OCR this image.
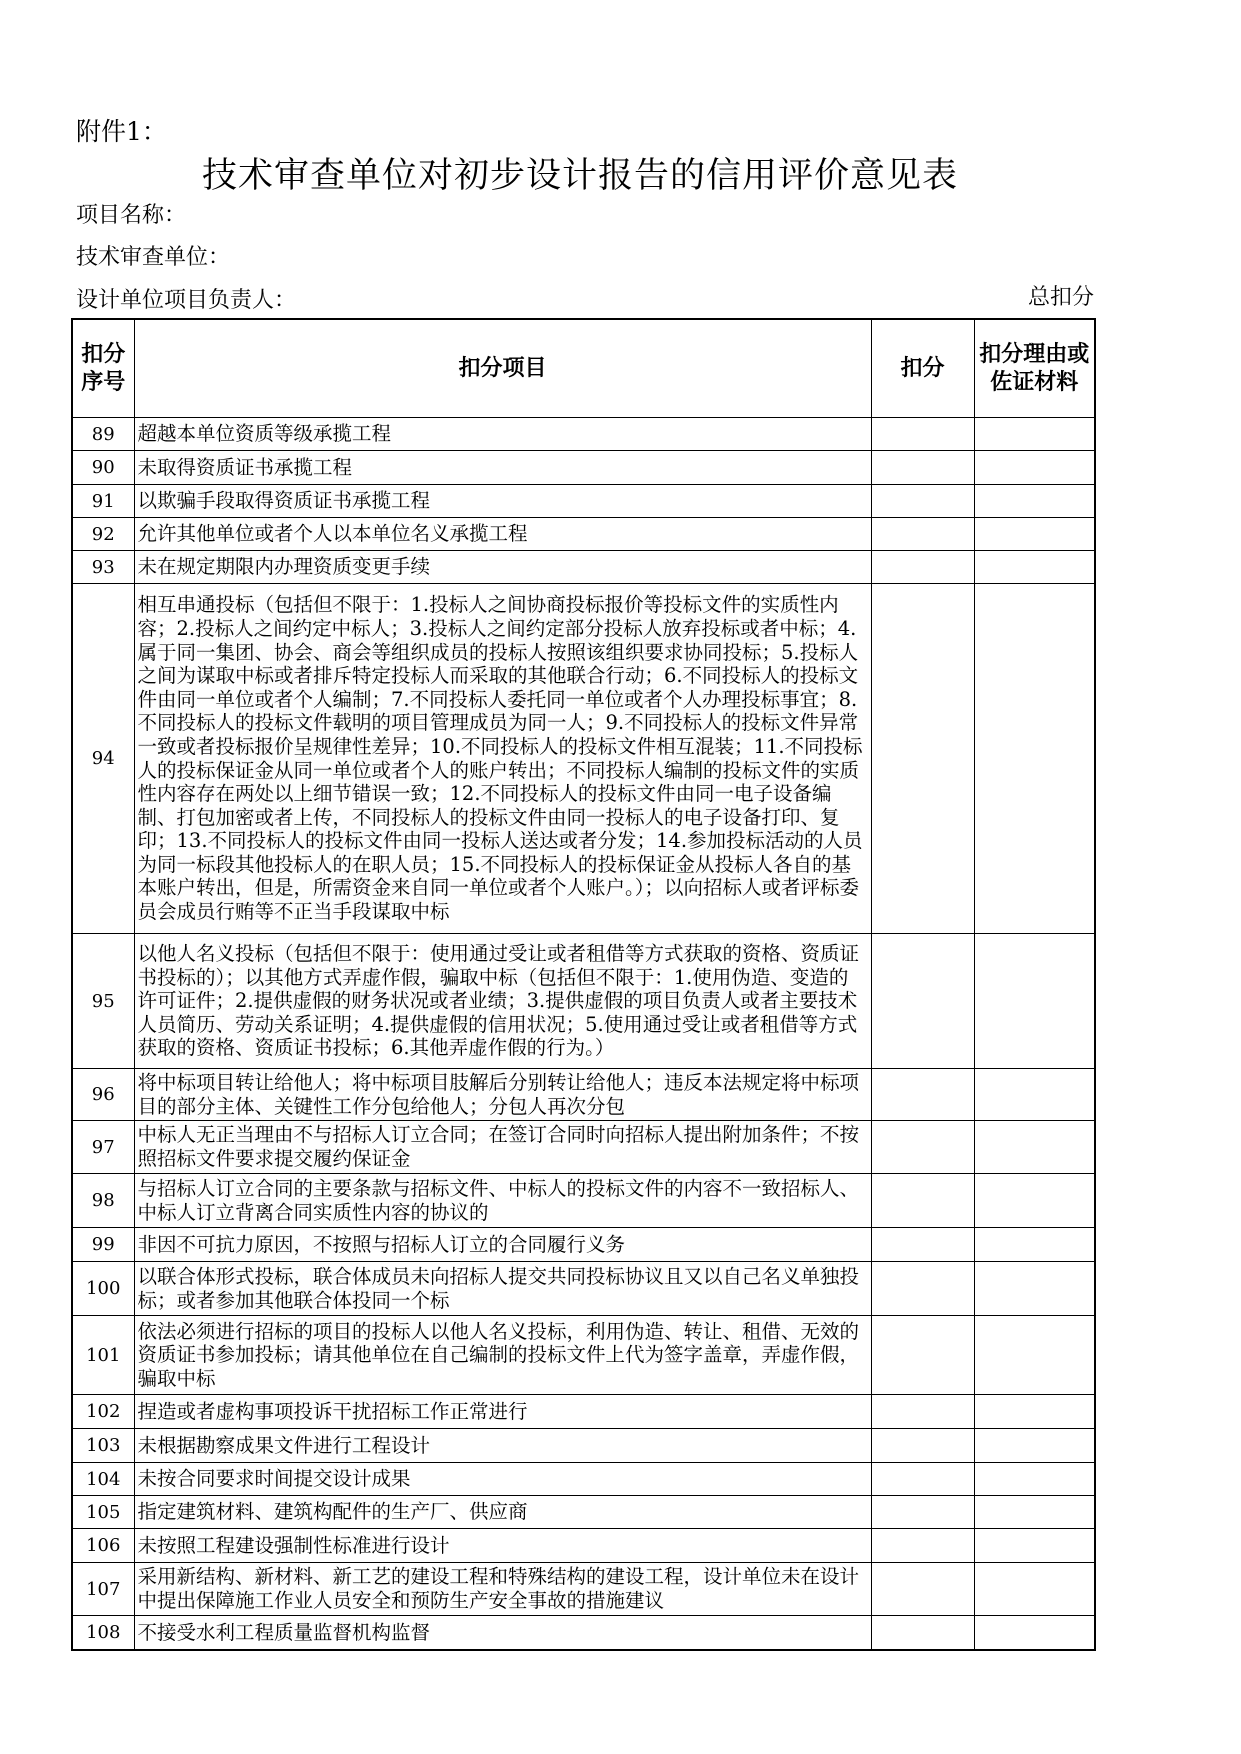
附件1：
技术审查单位对初步设计报告的信用评价意见表
项目名称：
技术审查单位：
设计单位项目负责人：	总扣分
扣分序号	扣分项目	扣分	扣分理由或佐证材料
89	超越本单位资质等级承揽工程		

90	未取得资质证书承揽工程		

91	以欺骗手段取得资质证书承揽工程		

92	允许其他单位或者个人以本单位名义承揽工程		

93	未在规定期限内办理资质变更手续		

94	相互串通投标（包括但不限于：1.投标人之间协商投标报价等投标文件的实质性内容；2.投标人之间约定中标人；3.投标人之间约定部分投标人放弃投标或者中标；4.属于同一集团、协会、商会等组织成员的投标人按照该组织要求协同投标；5.投标人之间为谋取中标或者排斥特定投标人而采取的其他联合行动；6.不同投标人的投标文件由同一单位或者个人编制；7.不同投标人委托同一单位或者个人办理投标事宜；8.不同投标人的投标文件载明的项目管理成员为同一人；9.不同投标人的投标文件异常一致或者投标报价呈规律性差异；10.不同投标人的投标文件相互混装；11.不同投标人的投标保证金从同一单位或者个人的账户转出；不同投标人编制的投标文件的实质性内容存在两处以上细节错误一致；12.不同投标人的投标文件由同一电子设备编制、打包加密或者上传，不同投标人的投标文件由同一投标人的电子设备打印、复印；13.不同投标人的投标文件由同一投标人送达或者分发；14.参加投标活动的人员为同一标段其他投标人的在职人员；15.不同投标人的投标保证金从投标人各自的基本账户转出，但是，所需资金来自同一单位或者个人账户。）；以向招标人或者评标委员会成员行贿等不正当手段谋取中标		

95	以他人名义投标（包括但不限于：使用通过受让或者租借等方式获取的资格、资质证书投标的）；以其他方式弄虚作假，骗取中标（包括但不限于：1.使用伪造、变造的许可证件；2.提供虚假的财务状况或者业绩；3.提供虚假的项目负责人或者主要技术人员简历、劳动关系证明；4.提供虚假的信用状况；5.使用通过受让或者租借等方式获取的资格、资质证书投标；6.其他弄虚作假的行为。）		

96	将中标项目转让给他人；将中标项目肢解后分别转让给他人；违反本法规定将中标项目的部分主体、关键性工作分包给他人；分包人再次分包		

97	中标人无正当理由不与招标人订立合同；在签订合同时向招标人提出附加条件；不按照招标文件要求提交履约保证金		

98	与招标人订立合同的主要条款与招标文件、中标人的投标文件的内容不一致招标人、中标人订立背离合同实质性内容的协议的		

99	非因不可抗力原因，不按照与招标人订立的合同履行义务		

100	以联合体形式投标，联合体成员未向招标人提交共同投标协议且又以自己名义单独投标；或者参加其他联合体投同一个标		

101	依法必须进行招标的项目的投标人以他人名义投标，利用伪造、转让、租借、无效的资质证书参加投标；请其他单位在自己编制的投标文件上代为签字盖章，弄虚作假，骗取中标		

102	捏造或者虚构事项投诉干扰招标工作正常进行		

103	未根据勘察成果文件进行工程设计		

104	未按合同要求时间提交设计成果		

105	指定建筑材料、建筑构配件的生产厂、供应商		

106	未按照工程建设强制性标准进行设计		

107	采用新结构、新材料、新工艺的建设工程和特殊结构的建设工程，设计单位未在设计中提出保障施工作业人员安全和预防生产安全事故的措施建议		

108	不接受水利工程质量监督机构监督		
